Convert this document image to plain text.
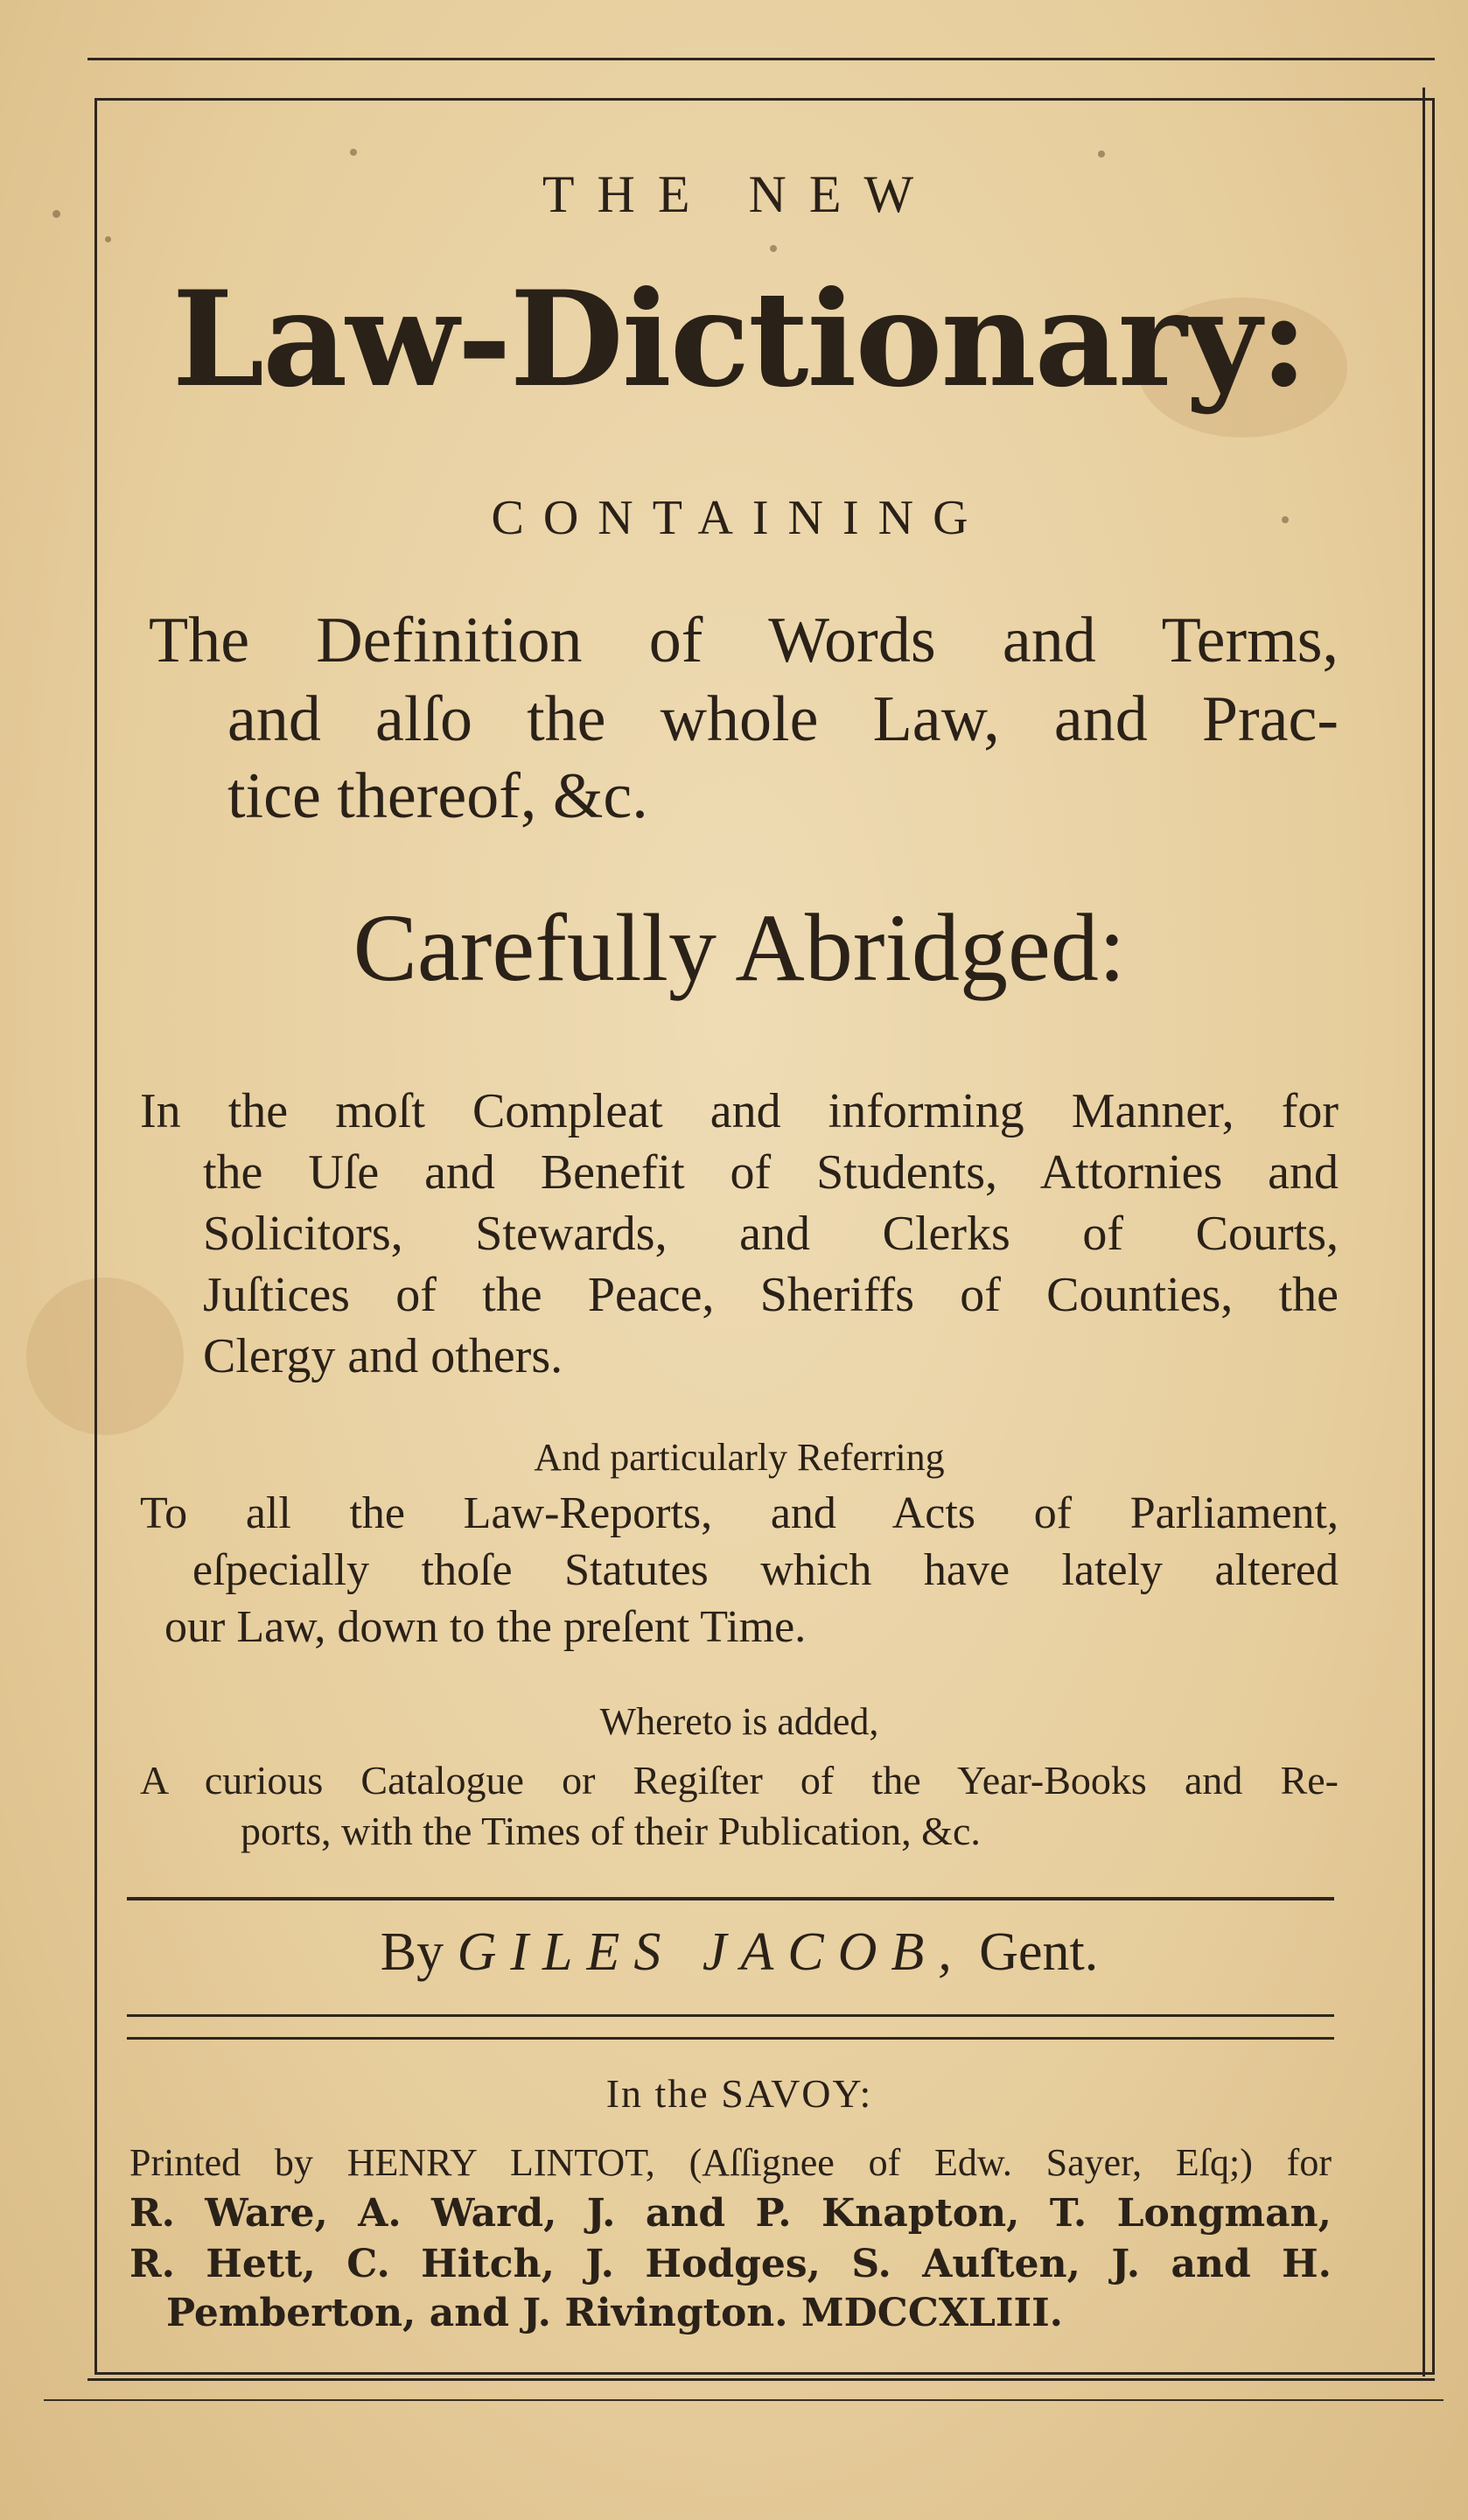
THE NEW
Law-Dictionary:
CONTAINING
The Definition of Words and Terms,
and alſo the whole Law, and Prac-
tice thereof, &c.
Carefully Abridged:
In the moſt Compleat and informing Manner, for
the Uſe and Benefit of Students, Attornies and
Solicitors, Stewards, and Clerks of Courts,
Juſtices of the Peace, Sheriffs of Counties, the
Clergy and others.
And particularly Referring
To all the Law-Reports, and Acts of Parliament,
eſpecially thoſe Statutes which have lately altered
our Law, down to the preſent Time.
Whereto is added,
A curious Catalogue or Regiſter of the Year-Books and Re-
ports, with the Times of their Publication, &c.
By GILES JACOB, Gent.
In the SAVOY:
Printed by HENRY LINTOT, (Aſſignee of Edw. Sayer, Eſq;) for
R. Ware, A. Ward, J. and P. Knapton, T. Longman,
R. Hett, C. Hitch, J. Hodges, S. Auſten, J. and H.
Pemberton, and J. Rivington. MDCCXLIII.
